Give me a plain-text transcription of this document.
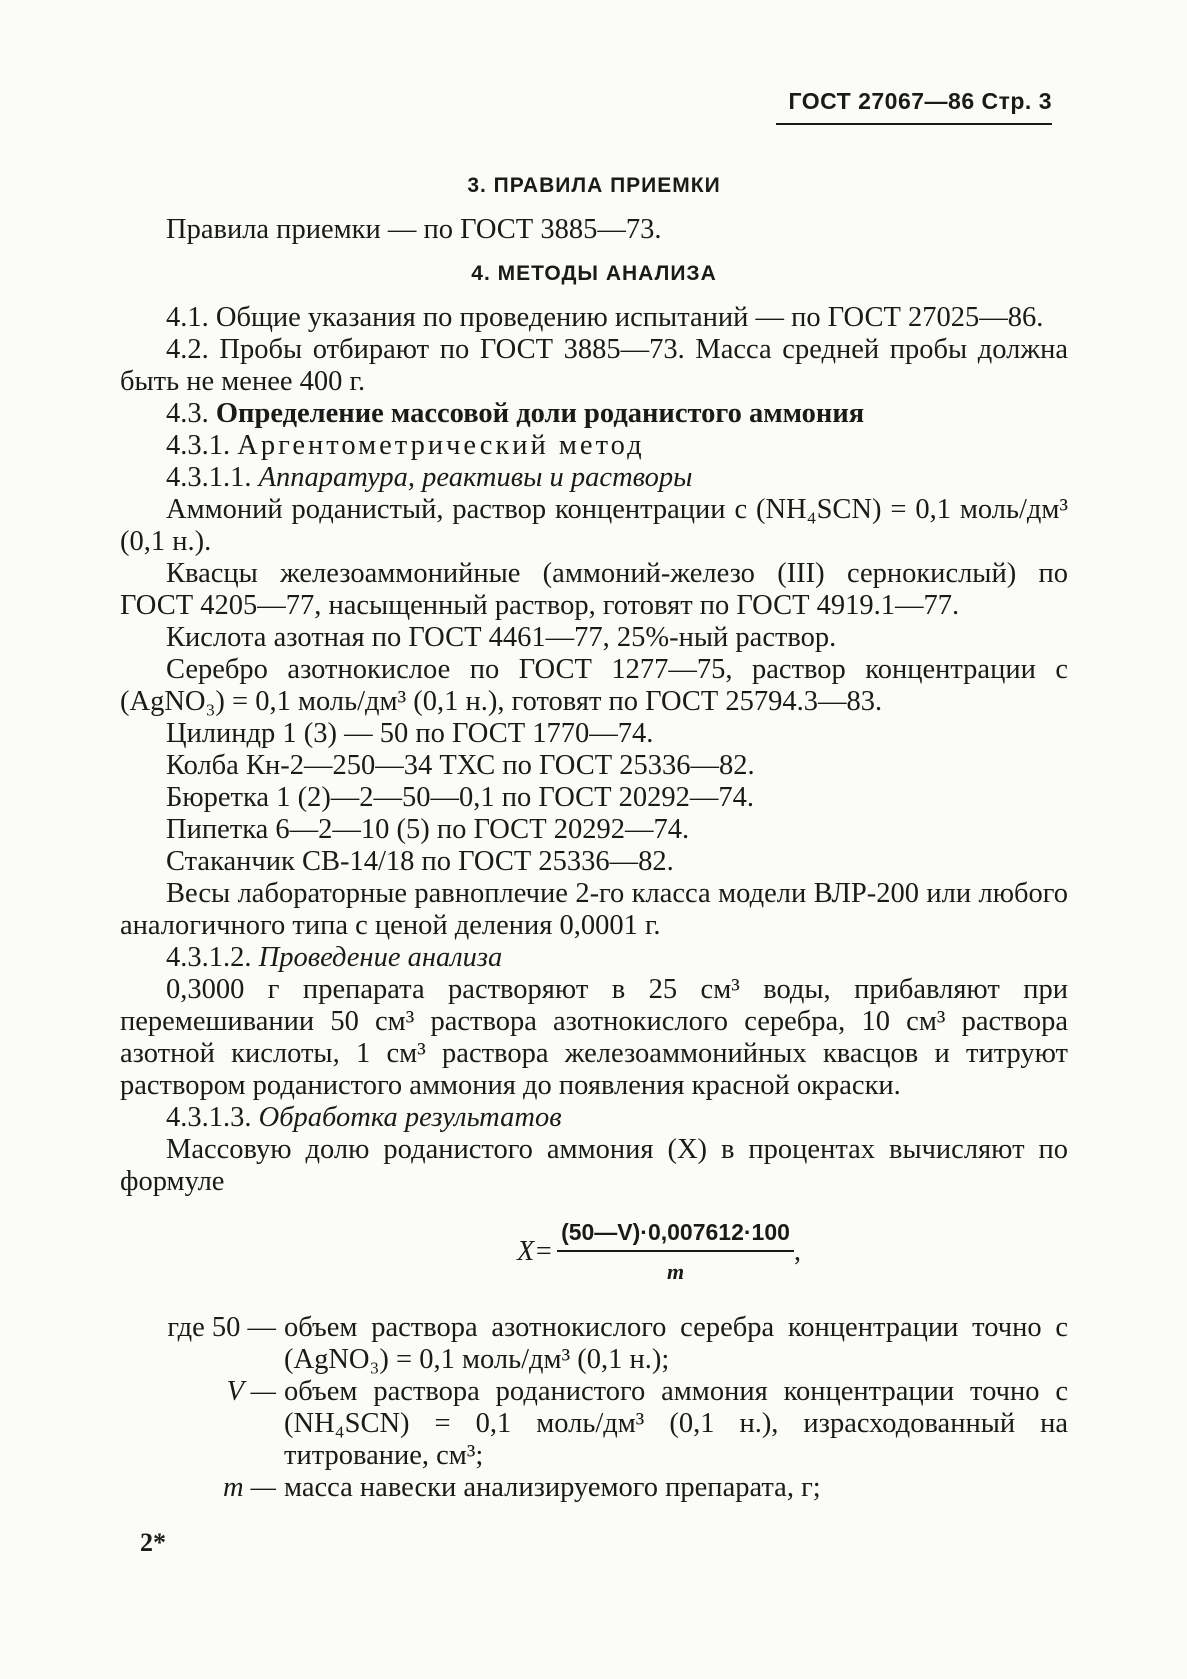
ГОСТ 27067—86 Стр. 3
3. ПРАВИЛА ПРИЕМКИ

Правила приемки — по ГОСТ 3885—73.

4. МЕТОДЫ АНАЛИЗА

4.1. Общие указания по проведению испытаний — по ГОСТ 27025—86.

4.2. Пробы отбирают по ГОСТ 3885—73. Масса средней пробы должна быть не менее 400 г.

4.3. Определение массовой доли роданистого аммония

4.3.1. Аргентометрический метод

4.3.1.1. Аппаратура, реактивы и растворы

Аммоний роданистый, раствор концентрации с (NH₄SCN) = 0,1 моль/дм³ (0,1 н.).

Квасцы железоаммонийные (аммоний-железо (III) сернокислый) по ГОСТ 4205—77, насыщенный раствор, готовят по ГОСТ 4919.1—77.

Кислота азотная по ГОСТ 4461—77, 25%-ный раствор.

Серебро азотнокислое по ГОСТ 1277—75, раствор концентрации с (AgNO₃) = 0,1 моль/дм³ (0,1 н.), готовят по ГОСТ 25794.3—83.

Цилиндр 1 (3) — 50 по ГОСТ 1770—74.

Колба Кн-2—250—34 ТХС по ГОСТ 25336—82.

Бюретка 1 (2)—2—50—0,1 по ГОСТ 20292—74.

Пипетка 6—2—10 (5) по ГОСТ 20292—74.

Стаканчик СВ-14/18 по ГОСТ 25336—82.

Весы лабораторные равноплечие 2-го класса модели ВЛР-200 или любого аналогичного типа с ценой деления 0,0001 г.

4.3.1.2. Проведение анализа

0,3000 г препарата растворяют в 25 см³ воды, прибавляют при перемешивании 50 см³ раствора азотнокислого серебра, 10 см³ раствора азотной кислоты, 1 см³ раствора железоаммонийных квасцов и титруют раствором роданистого аммония до появления красной окраски.

4.3.1.3. Обработка результатов

Массовую долю роданистого аммония (X) в процентах вычисляют по формуле

$X= \frac{(50—V)\cdot 0,007612\cdot 100}{m}$ ,
где 50 — объем раствора азотнокислого серебра концентрации точно с (AgNO₃) = 0,1 моль/дм³ (0,1 н.);
V — объем раствора роданистого аммония концентрации точно с (NH₄SCN) = 0,1 моль/дм³ (0,1 н.), израсходованный на титрование, см³;
m — масса навески анализируемого препарата, г;
2*
